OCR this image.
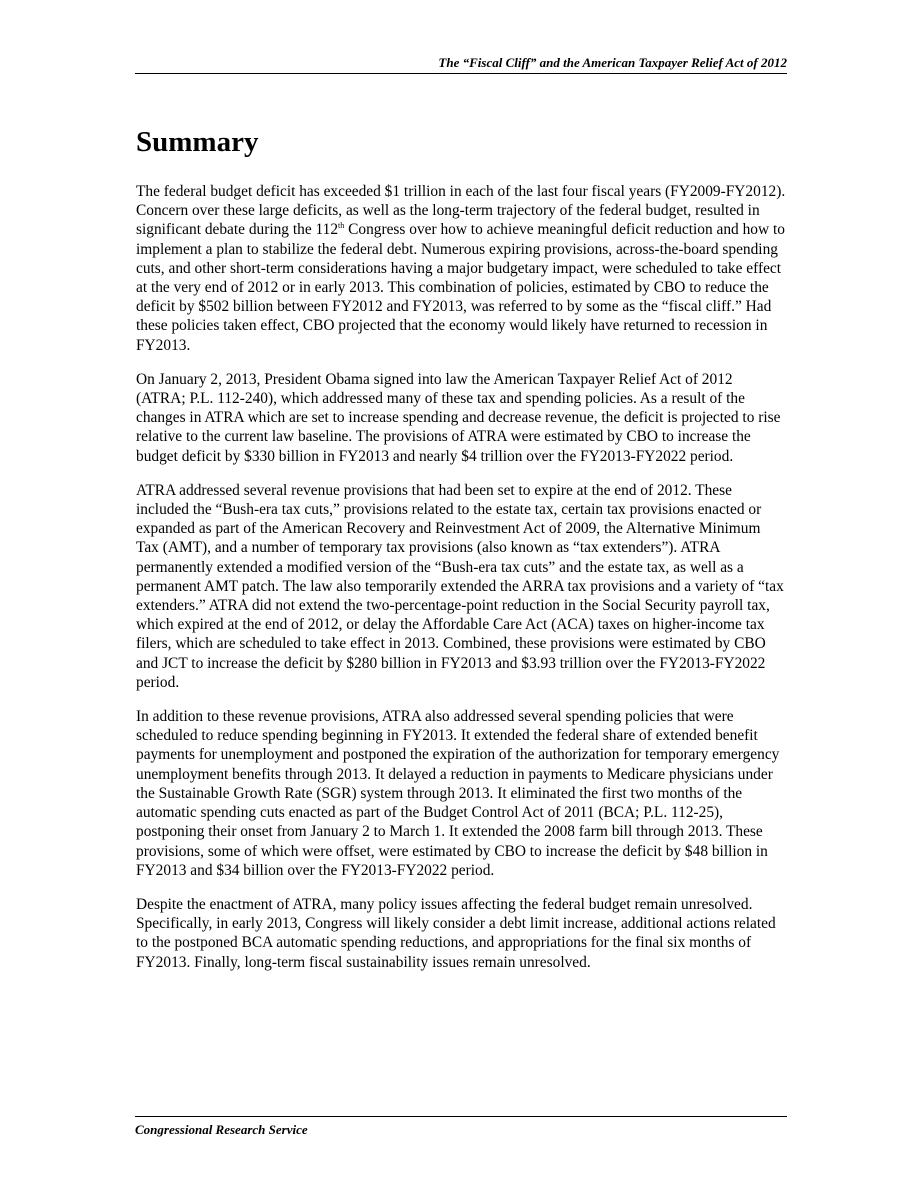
The “Fiscal Cliff” and the American Taxpayer Relief Act of 2012
Summary

The federal budget deficit has exceeded $1 trillion in each of the last four fiscal years (FY2009-FY2012). Concern over these large deficits, as well as the long-term trajectory of the federal budget, resulted in significant debate during the 112th Congress over how to achieve meaningful deficit reduction and how to implement a plan to stabilize the federal debt. Numerous expiring provisions, across-the-board spending cuts, and other short-term considerations having a major budgetary impact, were scheduled to take effect at the very end of 2012 or in early 2013. This combination of policies, estimated by CBO to reduce the deficit by $502 billion between FY2012 and FY2013, was referred to by some as the “fiscal cliff.” Had these policies taken effect, CBO projected that the economy would likely have returned to recession in FY2013.

On January 2, 2013, President Obama signed into law the American Taxpayer Relief Act of 2012 (ATRA; P.L. 112-240), which addressed many of these tax and spending policies. As a result of the changes in ATRA which are set to increase spending and decrease revenue, the deficit is projected to rise relative to the current law baseline. The provisions of ATRA were estimated by CBO to increase the budget deficit by $330 billion in FY2013 and nearly $4 trillion over the FY2013-FY2022 period.

ATRA addressed several revenue provisions that had been set to expire at the end of 2012. These included the “Bush-era tax cuts,” provisions related to the estate tax, certain tax provisions enacted or expanded as part of the American Recovery and Reinvestment Act of 2009, the Alternative Minimum Tax (AMT), and a number of temporary tax provisions (also known as “tax extenders”). ATRA permanently extended a modified version of the “Bush-era tax cuts” and the estate tax, as well as a permanent AMT patch. The law also temporarily extended the ARRA tax provisions and a variety of “tax extenders.” ATRA did not extend the two-percentage-point reduction in the Social Security payroll tax, which expired at the end of 2012, or delay the Affordable Care Act (ACA) taxes on higher-income tax filers, which are scheduled to take effect in 2013. Combined, these provisions were estimated by CBO and JCT to increase the deficit by $280 billion in FY2013 and $3.93 trillion over the FY2013-FY2022 period.

In addition to these revenue provisions, ATRA also addressed several spending policies that were scheduled to reduce spending beginning in FY2013. It extended the federal share of extended benefit payments for unemployment and postponed the expiration of the authorization for temporary emergency unemployment benefits through 2013. It delayed a reduction in payments to Medicare physicians under the Sustainable Growth Rate (SGR) system through 2013. It eliminated the first two months of the automatic spending cuts enacted as part of the Budget Control Act of 2011 (BCA; P.L. 112-25), postponing their onset from January 2 to March 1. It extended the 2008 farm bill through 2013. These provisions, some of which were offset, were estimated by CBO to increase the deficit by $48 billion in FY2013 and $34 billion over the FY2013-FY2022 period.

Despite the enactment of ATRA, many policy issues affecting the federal budget remain unresolved. Specifically, in early 2013, Congress will likely consider a debt limit increase, additional actions related to the postponed BCA automatic spending reductions, and appropriations for the final six months of FY2013. Finally, long-term fiscal sustainability issues remain unresolved.

Congressional Research Service
